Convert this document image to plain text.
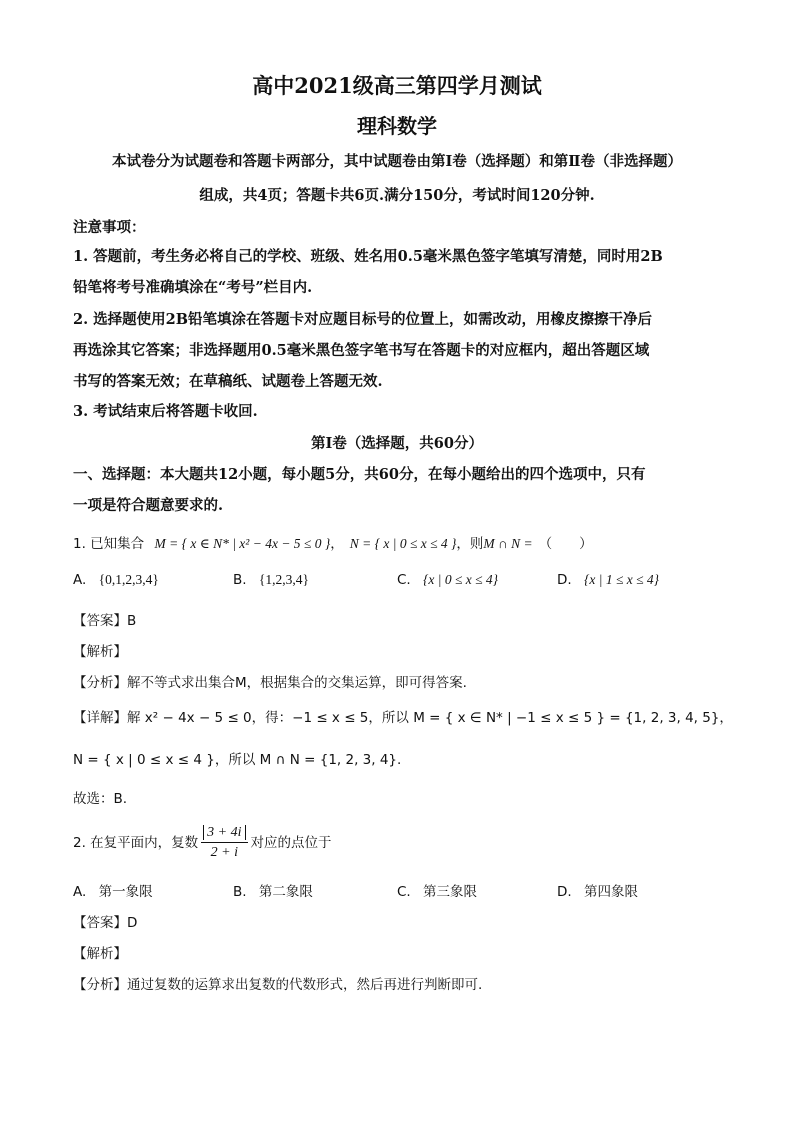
高中2021级高三第四学月测试
理科数学
本试卷分为试题卷和答题卡两部分，其中试题卷由第Ⅰ卷（选择题）和第Ⅱ卷（非选择题）
组成，共4页；答题卡共6页.满分150分，考试时间120分钟.
注意事项：
1. 答题前，考生务必将自己的学校、班级、姓名用0.5毫米黑色签字笔填写清楚，同时用2B
铅笔将考号准确填涂在“考号”栏目内.
2. 选择题使用2B铅笔填涂在答题卡对应题目标号的位置上，如需改动，用橡皮擦擦干净后
再选涂其它答案；非选择题用0.5毫米黑色签字笔书写在答题卡的对应框内，超出答题区域
书写的答案无效；在草稿纸、试题卷上答题无效.
3. 考试结束后将答题卡收回.
第Ⅰ卷（选择题，共60分）
一、选择题：本大题共12小题，每小题5分，共60分，在每小题给出的四个选项中，只有
一项是符合题意要求的.
1. 已知集合 M = { x ∈ N* | x² − 4x − 5 ≤ 0 }， N = { x | 0 ≤ x ≤ 4 }，则M ∩ N = （　　）
A. {0,1,2,3,4}	B. {1,2,3,4}	C. {x | 0 ≤ x ≤ 4}	D. {x | 1 ≤ x ≤ 4}
【答案】B
【解析】
【分析】解不等式求出集合M，根据集合的交集运算，即可得答案.
【详解】解 x² − 4x − 5 ≤ 0，得：−1 ≤ x ≤ 5，所以 M = { x ∈ N* | −1 ≤ x ≤ 5 } = {1, 2, 3, 4, 5}，
N = { x | 0 ≤ x ≤ 4 }，所以 M ∩ N = {1, 2, 3, 4}.
故选：B.
2. 在复平面内，复数 $\frac{3 + 4i}{2 + i}$ 对应的点位于
A. 第一象限	B. 第二象限	C. 第三象限	D. 第四象限
【答案】D
【解析】
【分析】通过复数的运算求出复数的代数形式，然后再进行判断即可.
